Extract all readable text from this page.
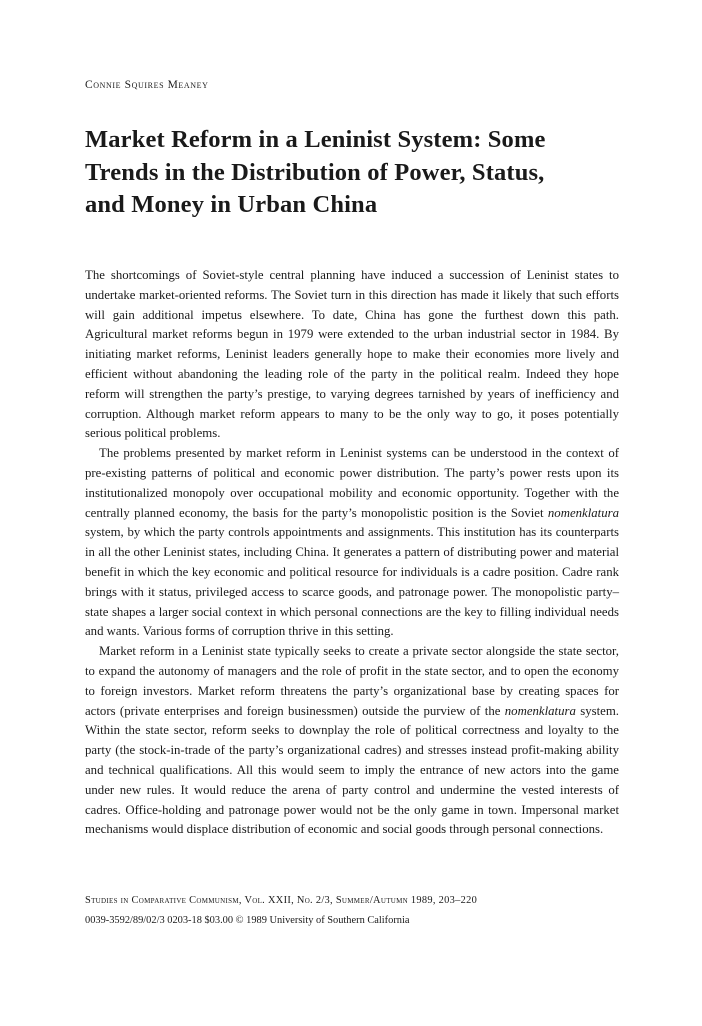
Connie Squires Meaney
Market Reform in a Leninist System: Some
Trends in the Distribution of Power, Status,
and Money in Urban China

The shortcomings of Soviet-style central planning have induced a succession of Leninist states to undertake market-oriented reforms. The Soviet turn in this direction has made it likely that such efforts will gain additional impetus elsewhere. To date, China has gone the furthest down this path. Agricultural market reforms begun in 1979 were extended to the urban industrial sector in 1984. By initiating market reforms, Leninist leaders generally hope to make their economies more lively and efficient without abandoning the leading role of the party in the political realm. Indeed they hope reform will strengthen the party’s prestige, to varying degrees tarnished by years of inefficiency and corruption. Although market reform appears to many to be the only way to go, it poses potentially serious political problems.

The problems presented by market reform in Leninist systems can be understood in the context of pre-existing patterns of political and economic power distribution. The party’s power rests upon its institutionalized monopoly over occupational mobility and economic opportunity. Together with the centrally planned economy, the basis for the party’s monopolistic position is the Soviet nomenklatura system, by which the party controls appointments and assignments. This institution has its counterparts in all the other Leninist states, including China. It generates a pattern of distributing power and material benefit in which the key economic and political resource for individuals is a cadre position. Cadre rank brings with it status, privileged access to scarce goods, and patronage power. The monopolistic party–state shapes a larger social context in which personal connections are the key to filling individual needs and wants. Various forms of corruption thrive in this setting.

Market reform in a Leninist state typically seeks to create a private sector alongside the state sector, to expand the autonomy of managers and the role of profit in the state sector, and to open the economy to foreign investors. Market reform threatens the party’s organizational base by creating spaces for actors (private enterprises and foreign businessmen) outside the purview of the nomenklatura system. Within the state sector, reform seeks to downplay the role of political correctness and loyalty to the party (the stock-in-trade of the party’s organizational cadres) and stresses instead profit-making ability and technical qualifications. All this would seem to imply the entrance of new actors into the game under new rules. It would reduce the arena of party control and undermine the vested interests of cadres. Office-holding and patronage power would not be the only game in town. Impersonal market mechanisms would displace distribution of economic and social goods through personal connections.

Studies in Comparative Communism, Vol. XXII, No. 2/3, Summer/Autumn 1989, 203–220
0039-3592/89/02/3 0203-18 $03.00 © 1989 University of Southern California
